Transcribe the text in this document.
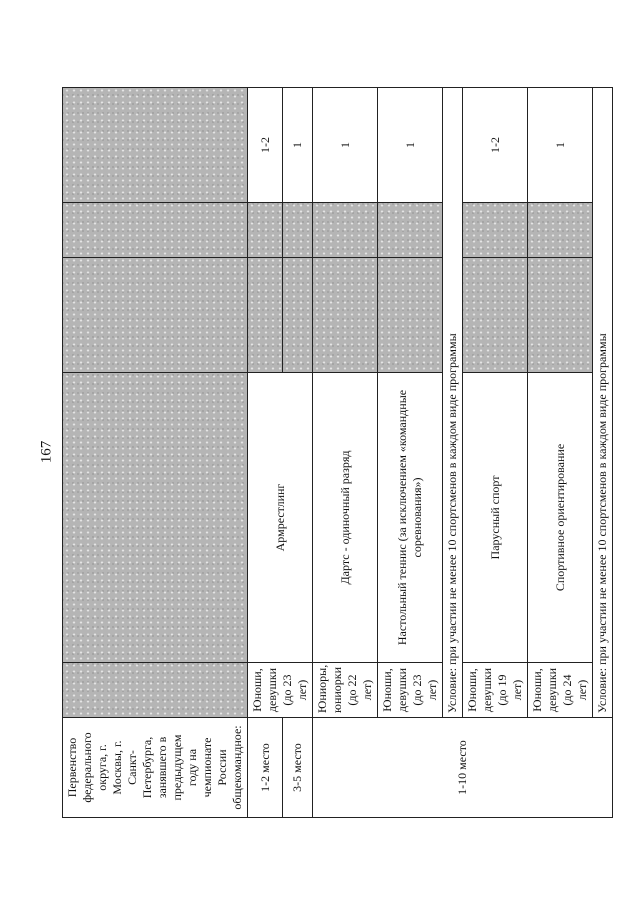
167
Первенство федерального округа, г. Москвы, г. Санкт-Петербурга, занявшего в предыдущем году на чемпионате России общекомандное:					
1-2 место	Юноши, девушки (до 23 лет)	Армрестлинг			1-2
3-5 место					1
1-10 место	Юниоры, юниорки (до 22 лет)	Дартс - одиночный разряд			1
	Юноши, девушки (до 23 лет)	Настольный теннис (за исключением «командные соревнования»)			1
	Условие: при участии не менее 10 спортсменов в каждом виде программы				
	Юноши, девушки (до 19 лет)	Парусный спорт			1-2
	Юноши, девушки (до 24 лет)	Спортивное ориентирование			1
	Условие: при участии не менее 10 спортсменов в каждом виде программы				
